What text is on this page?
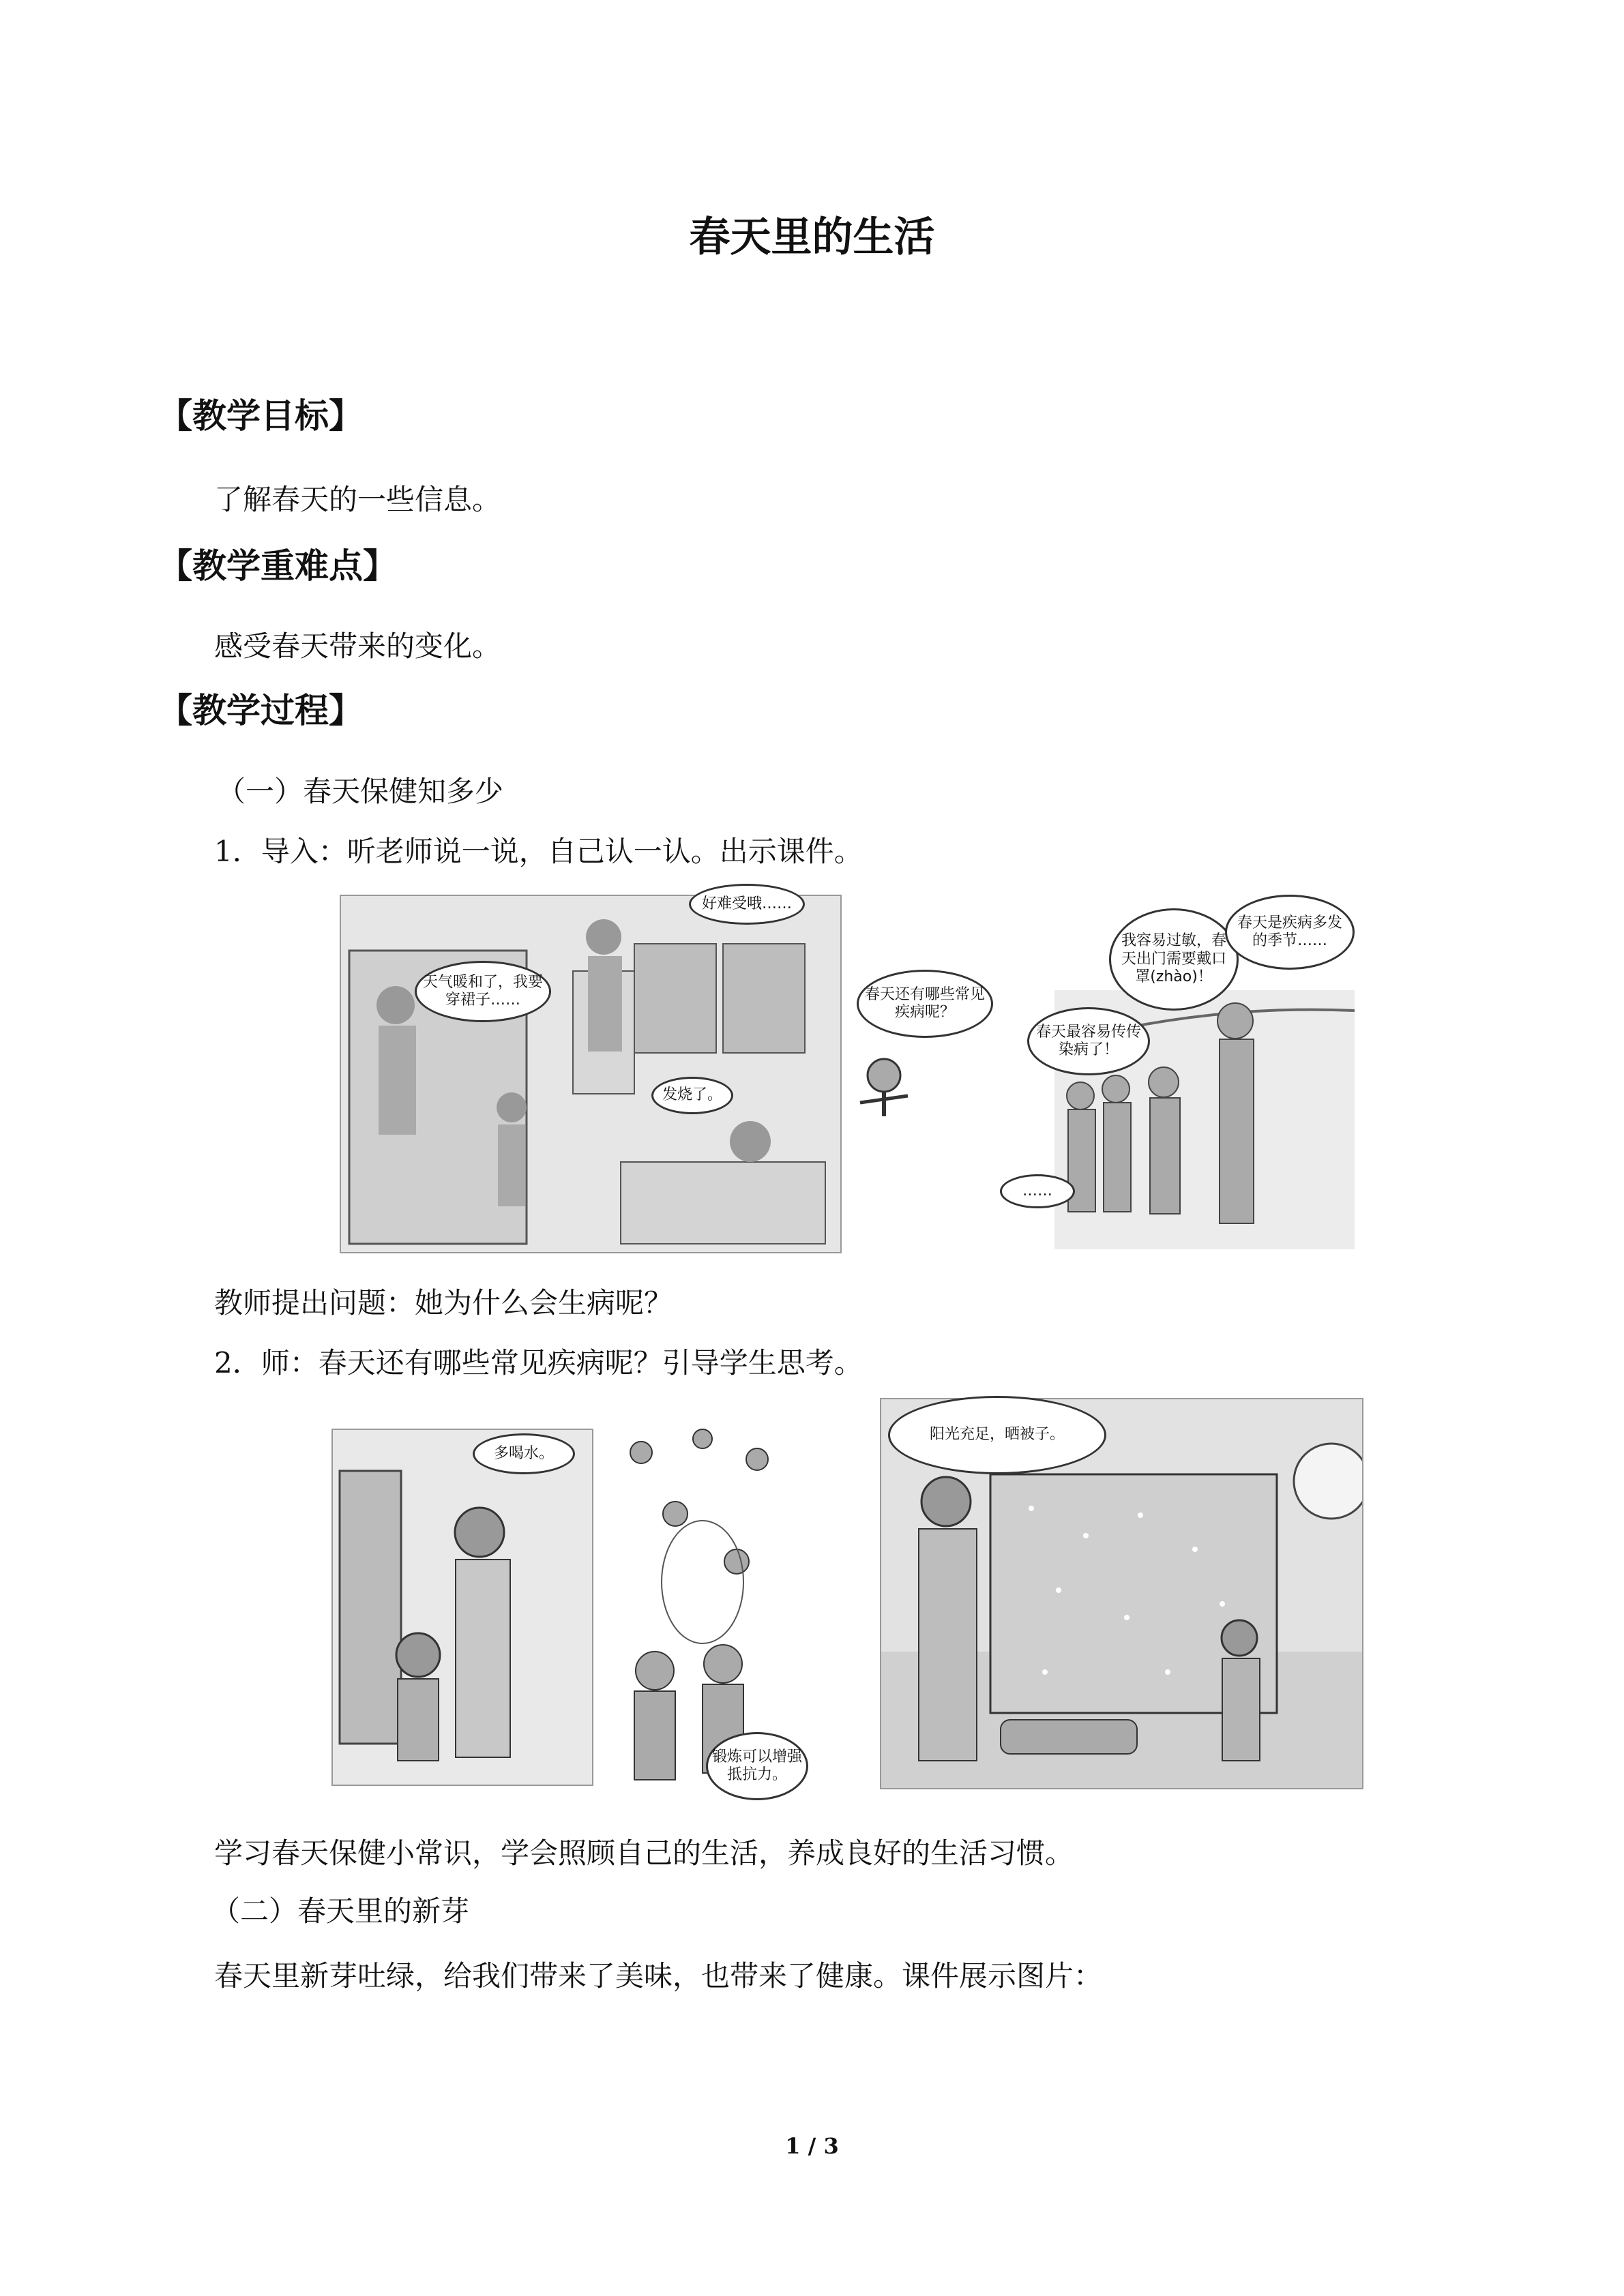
春天里的生活
【教学目标】
了解春天的一些信息。
【教学重难点】
感受春天带来的变化。
【教学过程】
（一）春天保健知多少
1．导入：听老师说一说，自己认一认。出示课件。
天气暖和了，我要穿裙子……
好难受哦……
发烧了。
春天还有哪些常见疾病呢？
我容易过敏，春天出门需要戴口罩(zhào)！
春天是疾病多发的季节……
春天最容易传传染病了！
……
教师提出问题：她为什么会生病呢？
2．师：春天还有哪些常见疾病呢？引导学生思考。
多喝水。
锻炼可以增强抵抗力。
阳光充足，晒被子。
学习春天保健小常识，学会照顾自己的生活，养成良好的生活习惯。
（二）春天里的新芽
春天里新芽吐绿，给我们带来了美味，也带来了健康。课件展示图片：
1 / 3
